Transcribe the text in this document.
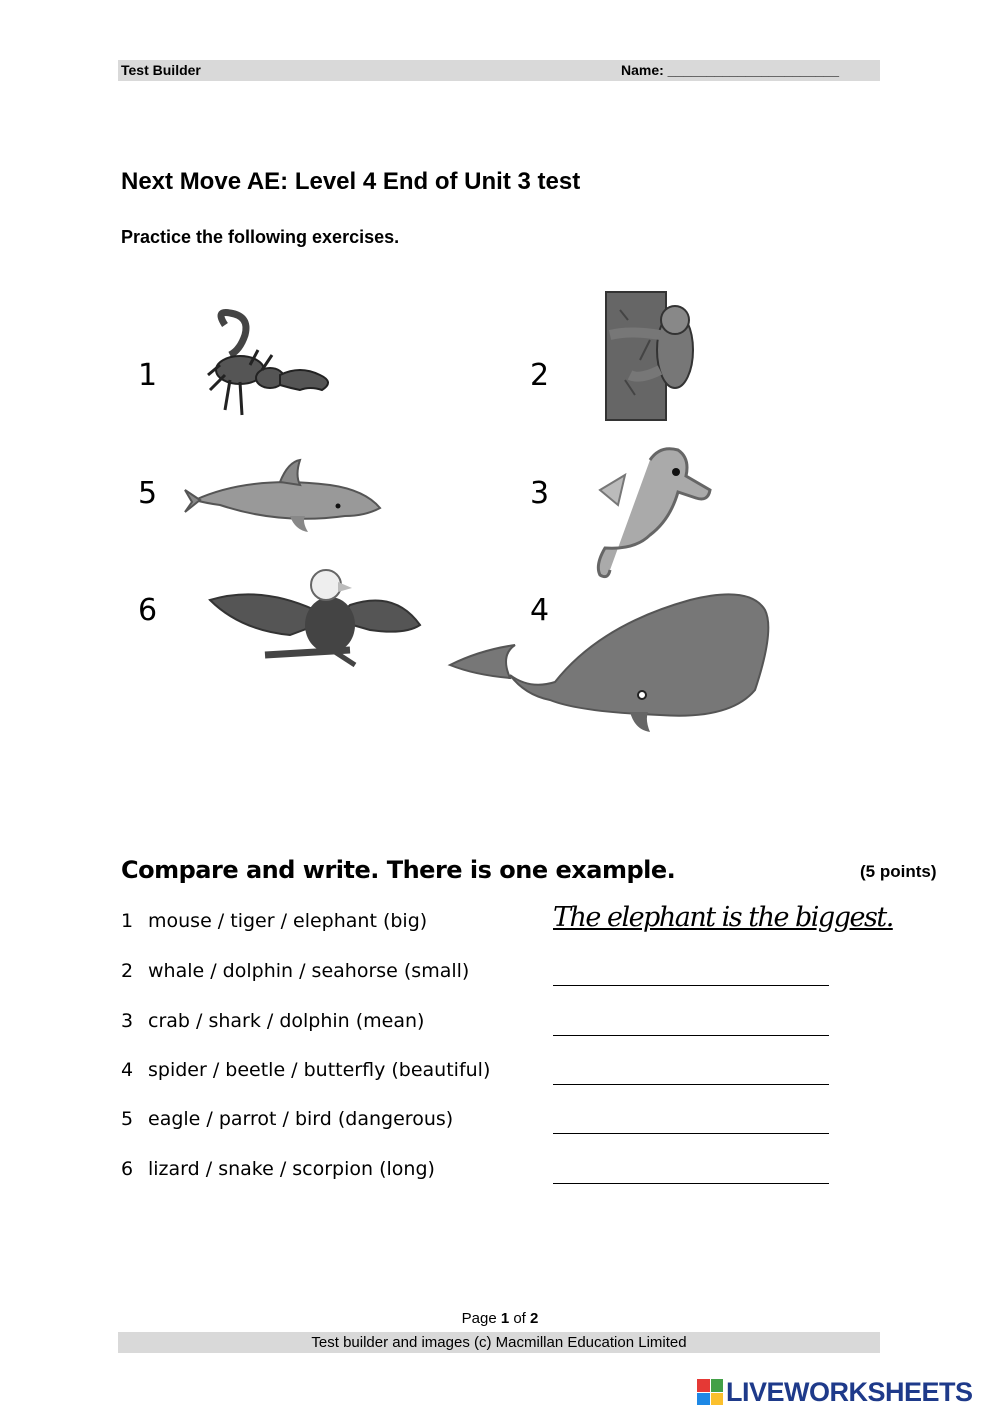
Test Builder	Name: ______________________
Next Move AE: Level 4 End of Unit 3 test
Practice the following exercises.
1	2
5	3
6	4
Compare and write. There is one example.	(5 points)
1 mouse / tiger / elephant (big)	The elephant is the biggest.
2 whale / dolphin / seahorse (small)
3 crab / shark / dolphin (mean)
4 spider / beetle / butterfly (beautiful)
5 eagle / parrot / bird (dangerous)
6 lizard / snake / scorpion (long)
Page 1 of 2
Test builder and images (c) Macmillan Education Limited
LIVEWORKSHEETS
